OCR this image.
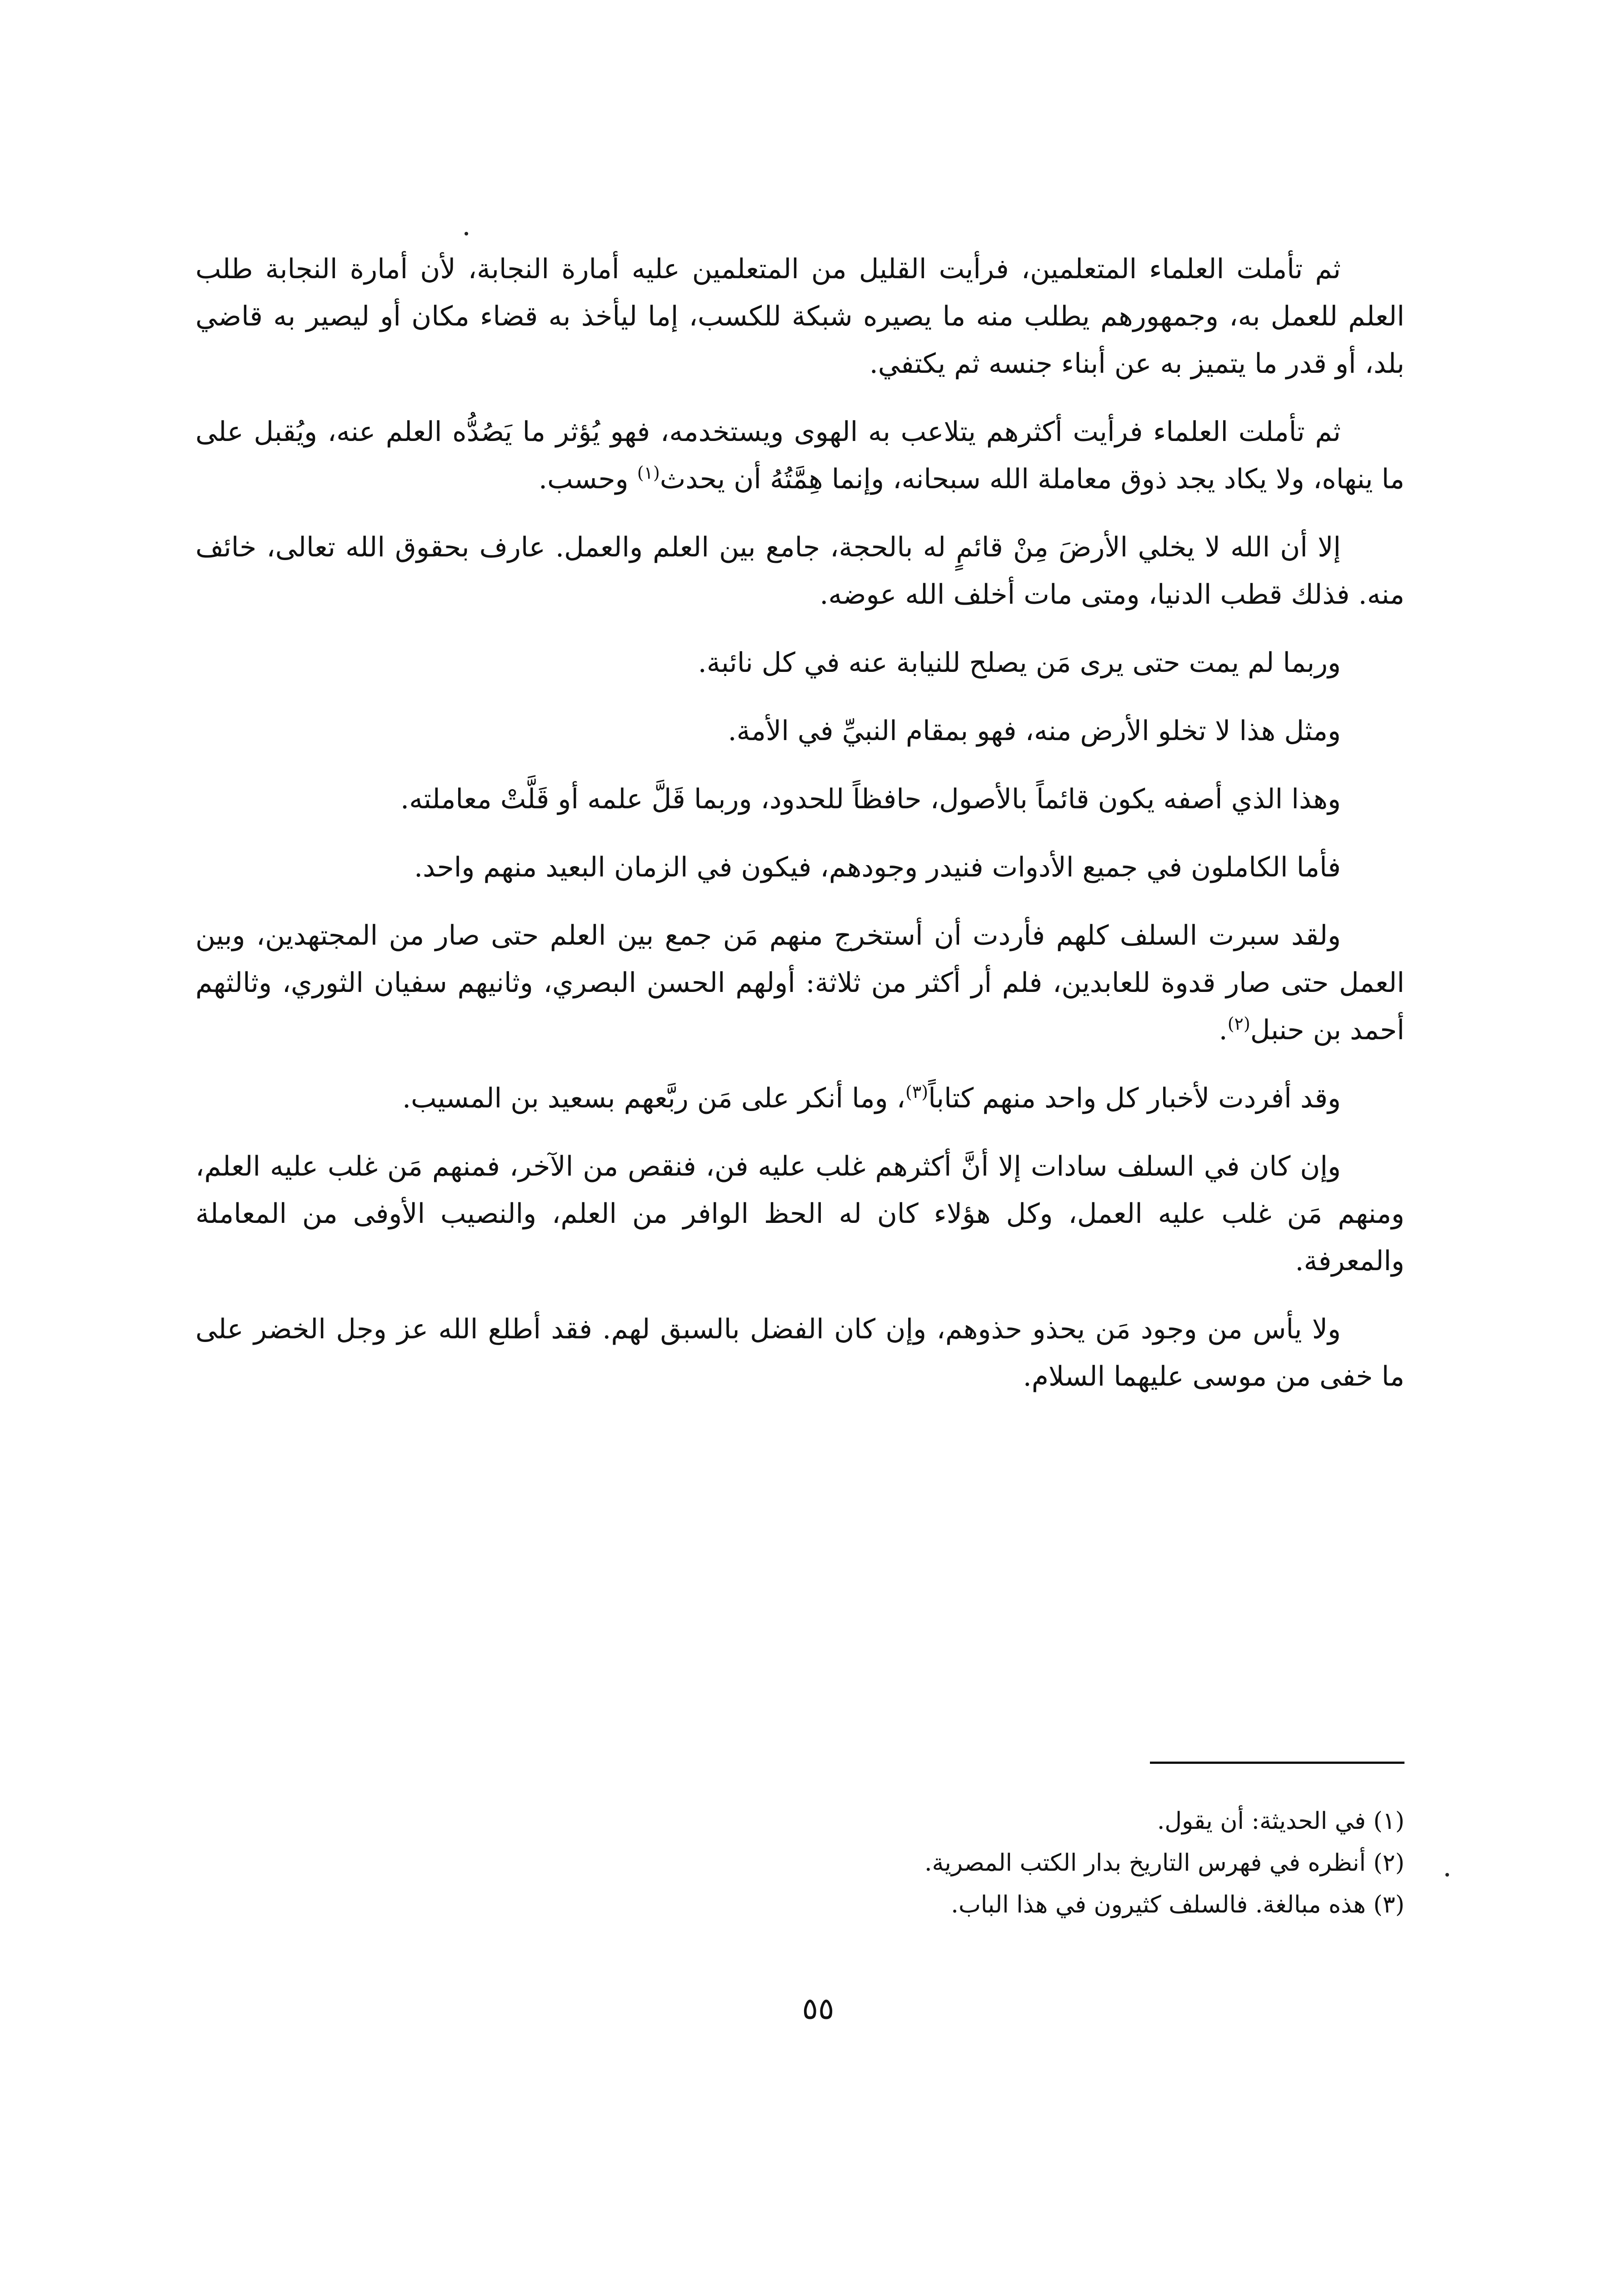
ثم تأملت العلماء المتعلمين، فرأيت القليل من المتعلمين عليه أمارة النجابة، لأن أمارة النجابة طلب العلم للعمل به، وجمهورهم يطلب منه ما يصيره شبكة للكسب، إما ليأخذ به قضاء مكان أو ليصير به قاضي بلد، أو قدر ما يتميز به عن أبناء جنسه ثم يكتفي.

ثم تأملت العلماء فرأيت أكثرهم يتلاعب به الهوى ويستخدمه، فهو يُؤثر ما يَصُدُّه العلم عنه، ويُقبل على ما ينهاه، ولا يكاد يجد ذوق معاملة الله سبحانه، وإنما هِمَّتُهُ أن يحدث$^{(١)}$ وحسب.

إلا أن الله لا يخلي الأرضَ مِنْ قائمٍ له بالحجة، جامع بين العلم والعمل. عارف بحقوق الله تعالى، خائف منه. فذلك قطب الدنيا، ومتى مات أخلف الله عوضه.

وربما لم يمت حتى يرى مَن يصلح للنيابة عنه في كل نائبة.

ومثل هذا لا تخلو الأرض منه، فهو بمقام النبيِّ في الأمة.

وهذا الذي أصفه يكون قائماً بالأصول، حافظاً للحدود، وربما قَلَّ علمه أو قَلَّتْ معاملته.

فأما الكاملون في جميع الأدوات فنيدر وجودهم، فيكون في الزمان البعيد منهم واحد.

ولقد سبرت السلف كلهم فأردت أن أستخرج منهم مَن جمع بين العلم حتى صار من المجتهدين، وبين العمل حتى صار قدوة للعابدين، فلم أر أكثر من ثلاثة: أولهم الحسن البصري، وثانيهم سفيان الثوري، وثالثهم أحمد بن حنبل$^{(٢)}$.

وقد أفردت لأخبار كل واحد منهم كتاباً$^{(٣)}$، وما أنكر على مَن ربَّعهم بسعيد بن المسيب.

وإن كان في السلف سادات إلا أنَّ أكثرهم غلب عليه فن، فنقص من الآخر، فمنهم مَن غلب عليه العلم، ومنهم مَن غلب عليه العمل، وكل هؤلاء كان له الحظ الوافر من العلم، والنصيب الأوفى من المعاملة والمعرفة.

ولا يأس من وجود مَن يحذو حذوهم، وإن كان الفضل بالسبق لهم. فقد أطلع الله عز وجل الخضر على ما خفى من موسى عليهما السلام.

(١) في الحديثة: أن يقول.

(٢) أنظره في فهرس التاريخ بدار الكتب المصرية.

(٣) هذه مبالغة. فالسلف كثيرون في هذا الباب.

٥٥
